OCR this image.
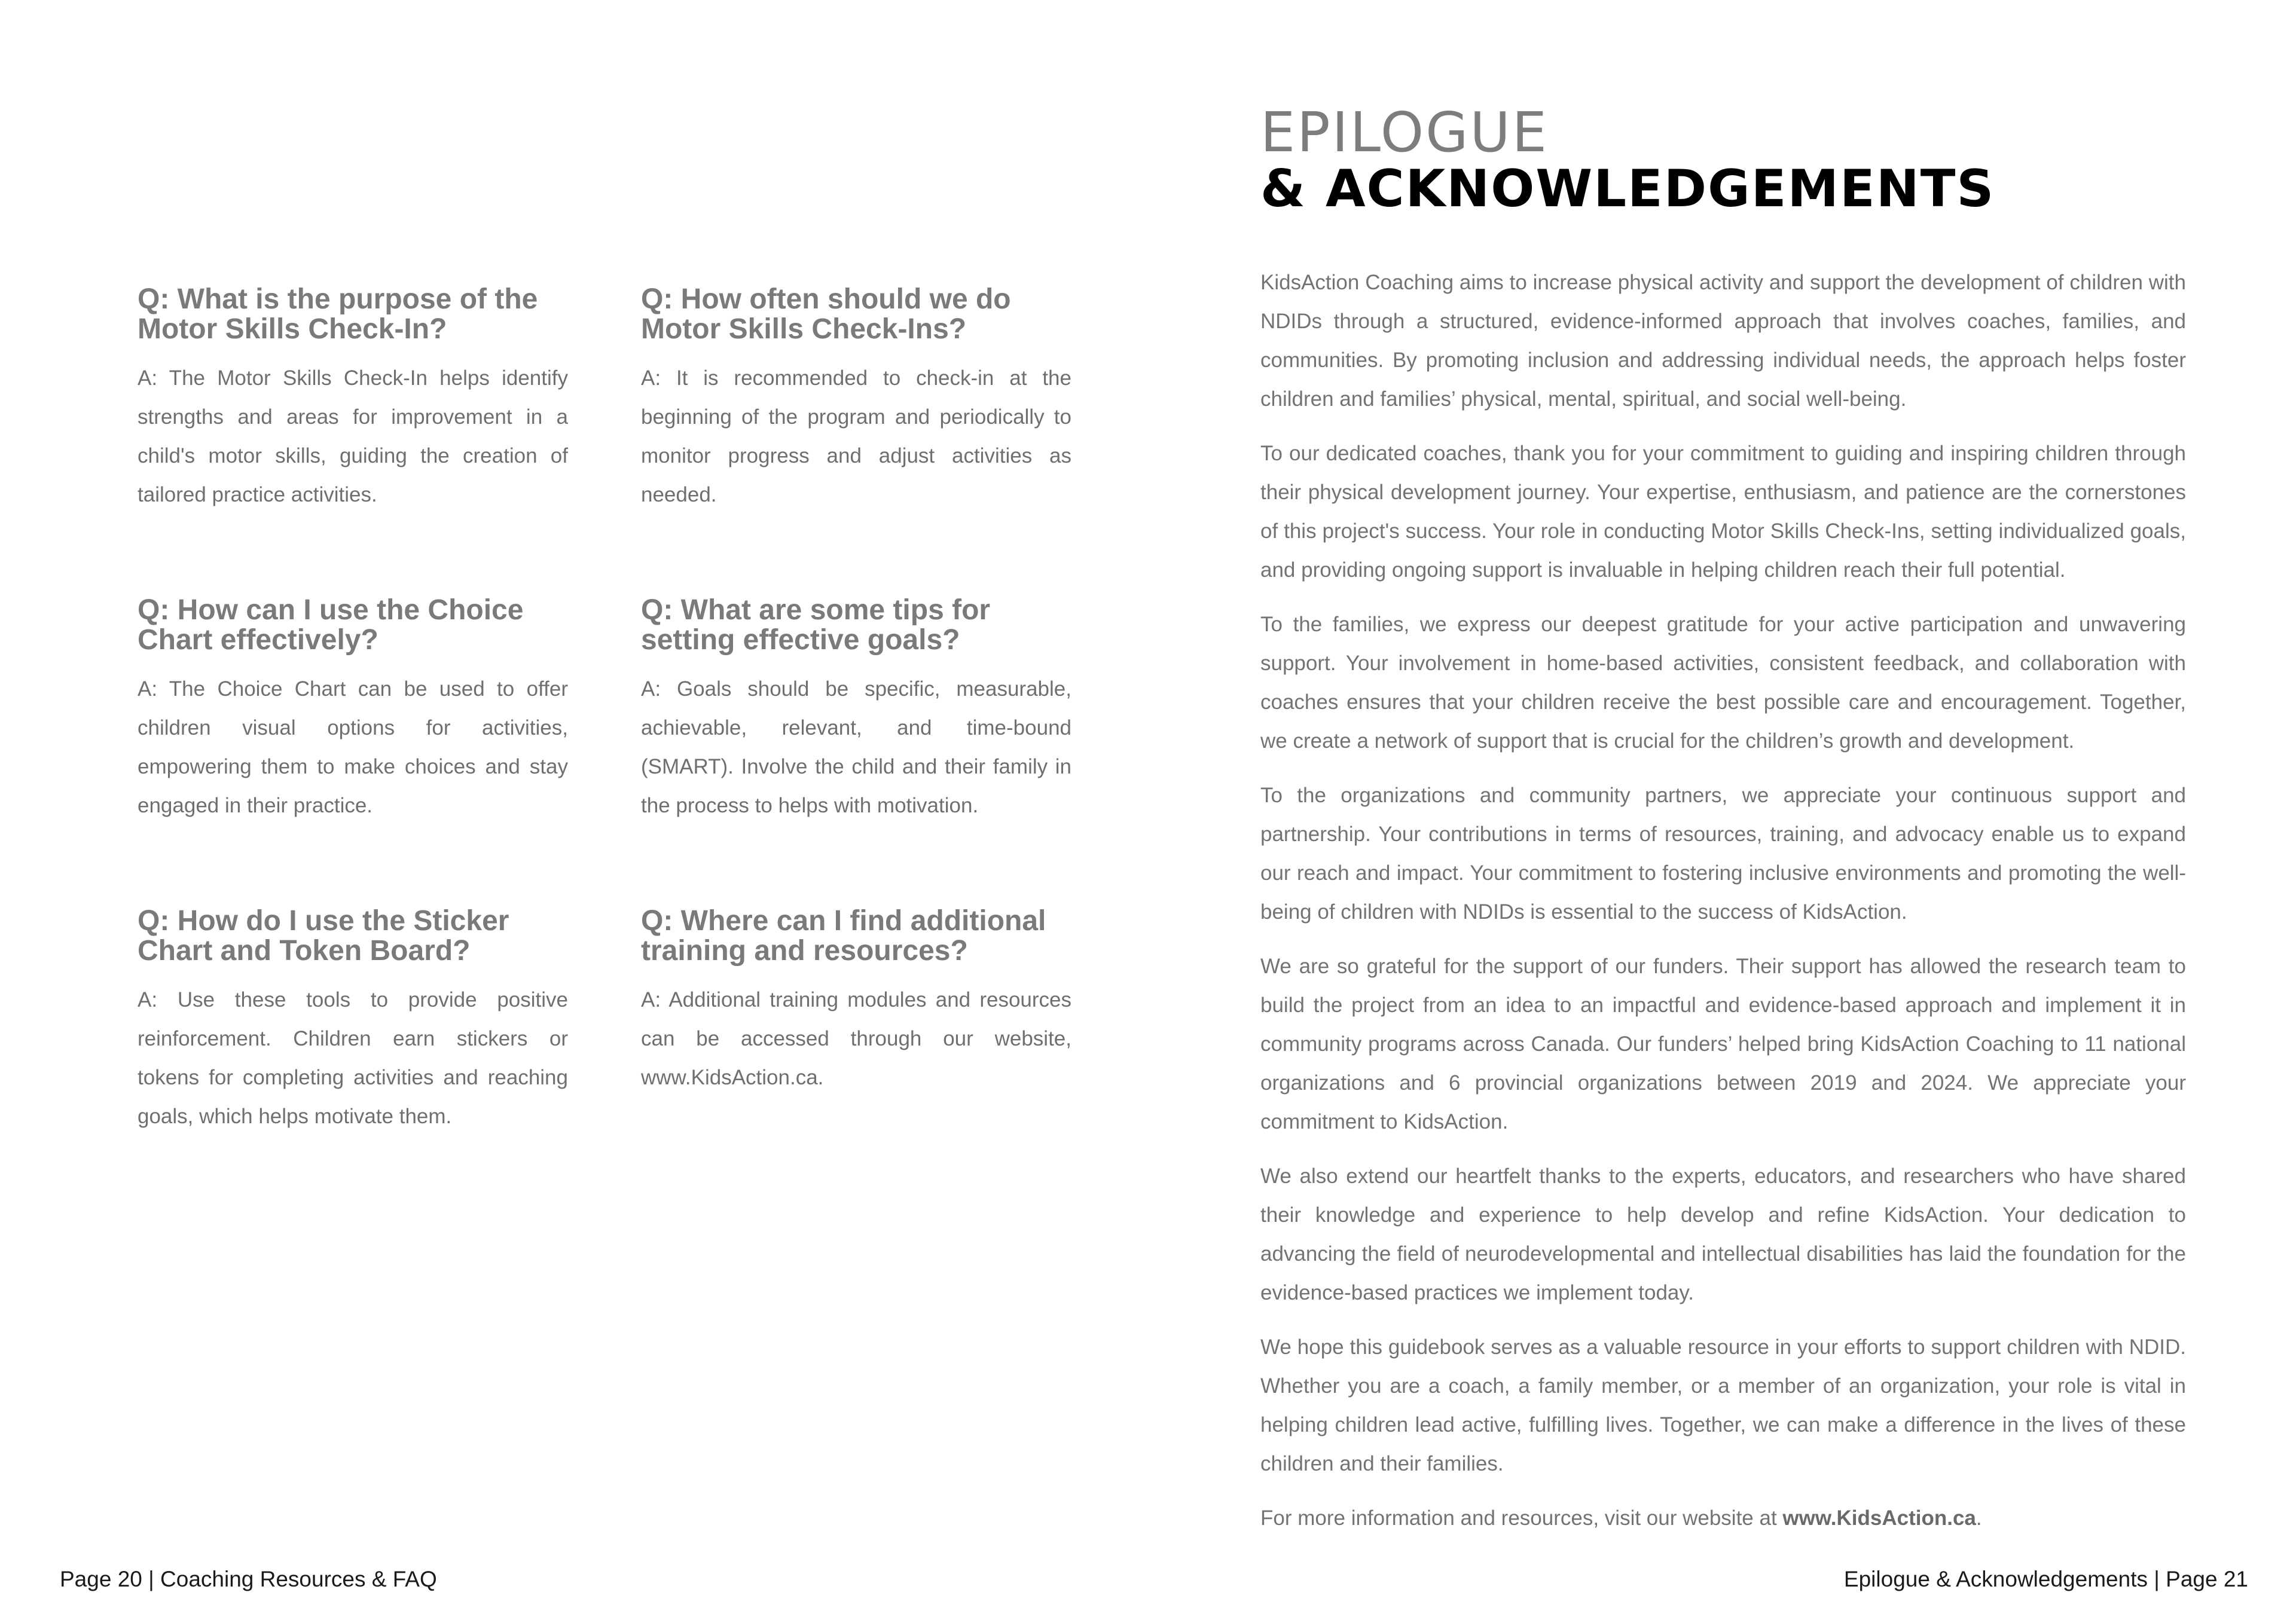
Q: What is the purpose of the Motor Skills Check-In?

A: The Motor Skills Check-In helps identify strengths and areas for improvement in a child's motor skills, guiding the creation of tailored practice activities.

Q: How often should we do Motor Skills Check-Ins?

A: It is recommended to check-in at the beginning of the program and periodically to monitor progress and adjust activities as needed.

Q: How can I use the Choice Chart effectively?

A: The Choice Chart can be used to offer children visual options for activities, empowering them to make choices and stay engaged in their practice.

Q: What are some tips for setting effective goals?

A: Goals should be specific, measurable, achievable, relevant, and time-bound (SMART). Involve the child and their family in the process to helps with motivation.

Q: How do I use the Sticker Chart and Token Board?

A: Use these tools to provide positive reinforcement. Children earn stickers or tokens for completing activities and reaching goals, which helps motivate them.

Q: Where can I find additional training and resources?

A: Additional training modules and resources can be accessed through our website, www.KidsAction.ca.

Page 20 | Coaching Resources & FAQ
EPILOGUE
& ACKNOWLEDGEMENTS

KidsAction Coaching aims to increase physical activity and support the development of children with NDIDs through a structured, evidence-informed approach that involves coaches, families, and communities. By promoting inclusion and addressing individual needs, the approach helps foster children and families’ physical, mental, spiritual, and social well-being.

To our dedicated coaches, thank you for your commitment to guiding and inspiring children through their physical development journey. Your expertise, enthusiasm, and patience are the cornerstones of this project's success. Your role in conducting Motor Skills Check-Ins, setting individualized goals, and providing ongoing support is invaluable in helping children reach their full potential.

To the families, we express our deepest gratitude for your active participation and unwavering support. Your involvement in home-based activities, consistent feedback, and collaboration with coaches ensures that your children receive the best possible care and encouragement. Together, we create a network of support that is crucial for the children’s growth and development.

To the organizations and community partners, we appreciate your continuous support and partnership. Your contributions in terms of resources, training, and advocacy enable us to expand our reach and impact. Your commitment to fostering inclusive environments and promoting the well-being of children with NDIDs is essential to the success of KidsAction.

We are so grateful for the support of our funders. Their support has allowed the research team to build the project from an idea to an impactful and evidence-based approach and implement it in community programs across Canada. Our funders’ helped bring KidsAction Coaching to 11 national organizations and 6 provincial organizations between 2019 and 2024. We appreciate your commitment to KidsAction.

We also extend our heartfelt thanks to the experts, educators, and researchers who have shared their knowledge and experience to help develop and refine KidsAction. Your dedication to advancing the field of neurodevelopmental and intellectual disabilities has laid the foundation for the evidence-based practices we implement today.

We hope this guidebook serves as a valuable resource in your efforts to support children with NDID. Whether you are a coach, a family member, or a member of an organization, your role is vital in helping children lead active, fulfilling lives. Together, we can make a difference in the lives of these children and their families.

For more information and resources, visit our website at www.KidsAction.ca.

Epilogue & Acknowledgements | Page 21
